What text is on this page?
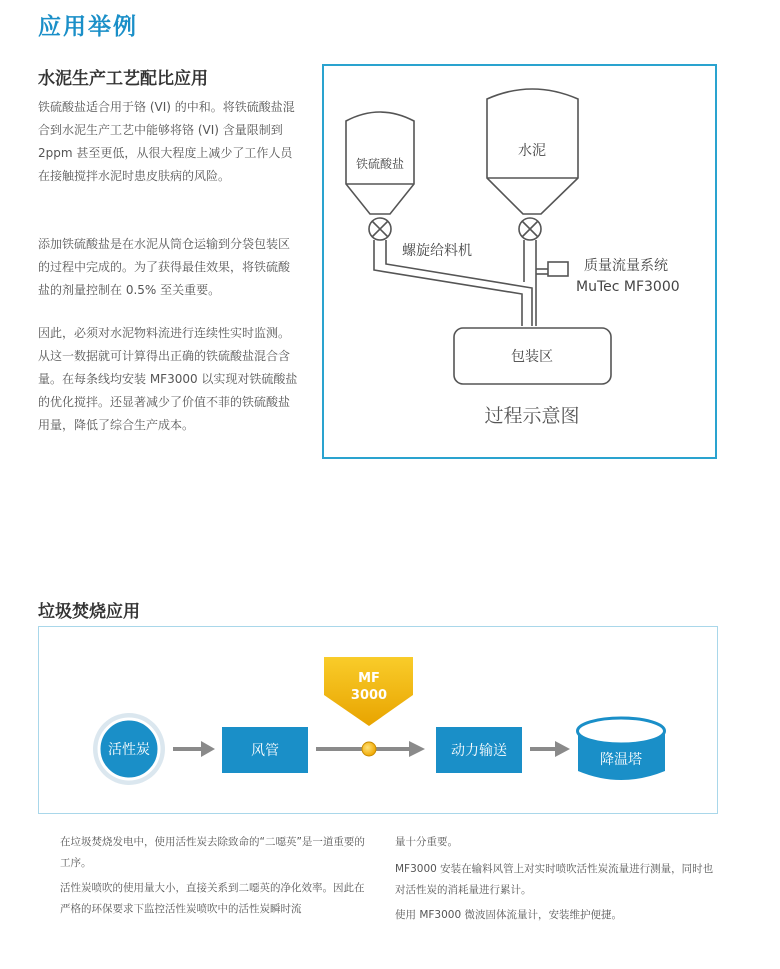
应用举例
水泥生产工艺配比应用
铁硫酸盐适合用于铬 (VI) 的中和。将铁硫酸盐混合到水泥生产工艺中能够将铬 (VI) 含量限制到 2ppm 甚至更低，从很大程度上减少了工作人员在接触搅拌水泥时患皮肤病的风险。
添加铁硫酸盐是在水泥从筒仓运输到分袋包装区的过程中完成的。为了获得最佳效果，将铁硫酸盐的剂量控制在 0.5% 至关重要。
因此，必须对水泥物料流进行连续性实时监测。从这一数据就可计算得出正确的铁硫酸盐混合含量。在每条线均安装 MF3000 以实现对铁硫酸盐的优化搅拌。还显著减少了价值不菲的铁硫酸盐用量，降低了综合生产成本。
铁硫酸盐
水泥
螺旋给料机
质量流量系统
MuTec MF3000
包装区
过程示意图
垃圾焚烧应用
活性炭	风管
MF
3000
动力输送
降温塔
在垃圾焚烧发电中，使用活性炭去除致命的“二噁英”是一道重要的工序。
活性炭喷吹的使用量大小，直接关系到二噁英的净化效率。因此在严格的环保要求下监控活性炭喷吹中的活性炭瞬时流
量十分重要。
MF3000 安装在输料风管上对实时喷吹活性炭流量进行测量，同时也对活性炭的消耗量进行累计。
使用 MF3000 微波固体流量计，安装维护便捷。
